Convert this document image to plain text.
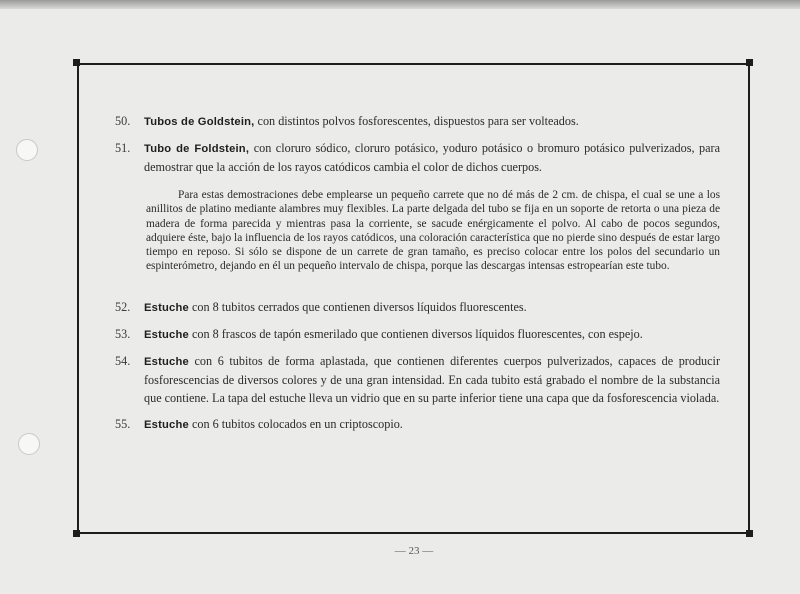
50.	Tubos de Goldstein, con distintos polvos fosforescentes, dispuestos para ser volteados.
51.	Tubo de Foldstein, con cloruro sódico, cloruro potásico, yoduro potásico o bromuro potásico pulverizados, para demostrar que la acción de los rayos catódicos cambia el color de dichos cuerpos.
Para estas demostraciones debe emplearse un pequeño carrete que no dé más de 2 cm. de chispa, el cual se une a los anillitos de platino mediante alambres muy flexibles. La parte delgada del tubo se fija en un soporte de retorta o una pieza de madera de forma parecida y mientras pasa la corriente, se sacude enérgicamente el polvo. Al cabo de pocos segundos, adquiere éste, bajo la influencia de los rayos catódicos, una coloración característica que no pierde sino después de estar largo tiempo en reposo. Si sólo se dispone de un carrete de gran tamaño, es preciso colocar entre los polos del secundario un espinterómetro, dejando en él un pequeño intervalo de chispa, porque las descargas intensas estropearían este tubo.
52.	Estuche con 8 tubitos cerrados que contienen diversos líquidos fluorescentes.
53.	Estuche con 8 frascos de tapón esmerilado que contienen diversos líquidos fluorescentes, con espejo.
54.	Estuche con 6 tubitos de forma aplastada, que contienen diferentes cuerpos pulverizados, capaces de producir fosforescencias de diversos colores y de una gran intensidad. En cada tubito está grabado el nombre de la substancia que contiene. La tapa del estuche lleva un vidrio que en su parte inferior tiene una capa que da fosforescencia violada.
55.	Estuche con 6 tubitos colocados en un criptoscopio.
— 23 —
